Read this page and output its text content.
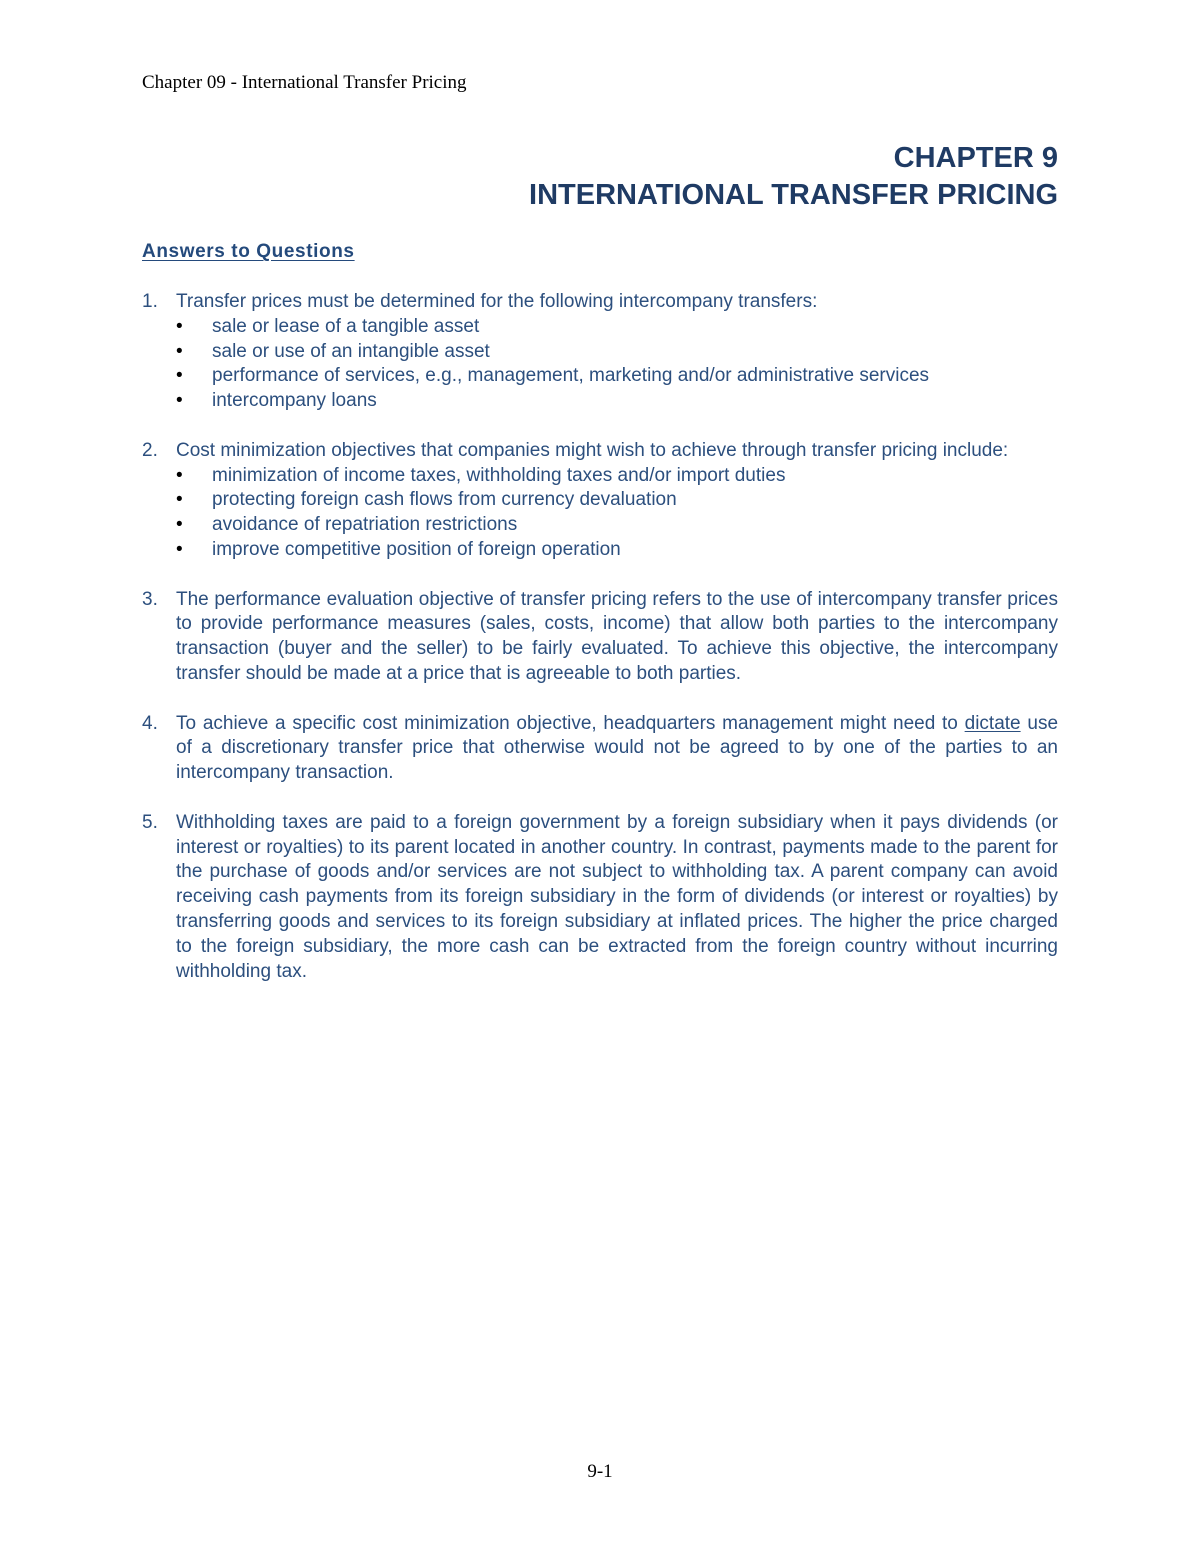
Chapter 09 - International Transfer Pricing
CHAPTER 9
INTERNATIONAL TRANSFER PRICING
Answers to Questions
1. Transfer prices must be determined for the following intercompany transfers:
•	sale or lease of a tangible asset
•	sale or use of an intangible asset
•	performance of services, e.g., management, marketing and/or administrative services
•	intercompany loans
2. Cost minimization objectives that companies might wish to achieve through transfer pricing include:
•	minimization of income taxes, withholding taxes and/or import duties
•	protecting foreign cash flows from currency devaluation
•	avoidance of repatriation restrictions
•	improve competitive position of foreign operation
3. The performance evaluation objective of transfer pricing refers to the use of intercompany transfer prices to provide performance measures (sales, costs, income) that allow both parties to the intercompany transaction (buyer and the seller) to be fairly evaluated. To achieve this objective, the intercompany transfer should be made at a price that is agreeable to both parties.
4. To achieve a specific cost minimization objective, headquarters management might need to dictate use of a discretionary transfer price that otherwise would not be agreed to by one of the parties to an intercompany transaction.
5. Withholding taxes are paid to a foreign government by a foreign subsidiary when it pays dividends (or interest or royalties) to its parent located in another country. In contrast, payments made to the parent for the purchase of goods and/or services are not subject to withholding tax. A parent company can avoid receiving cash payments from its foreign subsidiary in the form of dividends (or interest or royalties) by transferring goods and services to its foreign subsidiary at inflated prices. The higher the price charged to the foreign subsidiary, the more cash can be extracted from the foreign country without incurring withholding tax.
9-1
